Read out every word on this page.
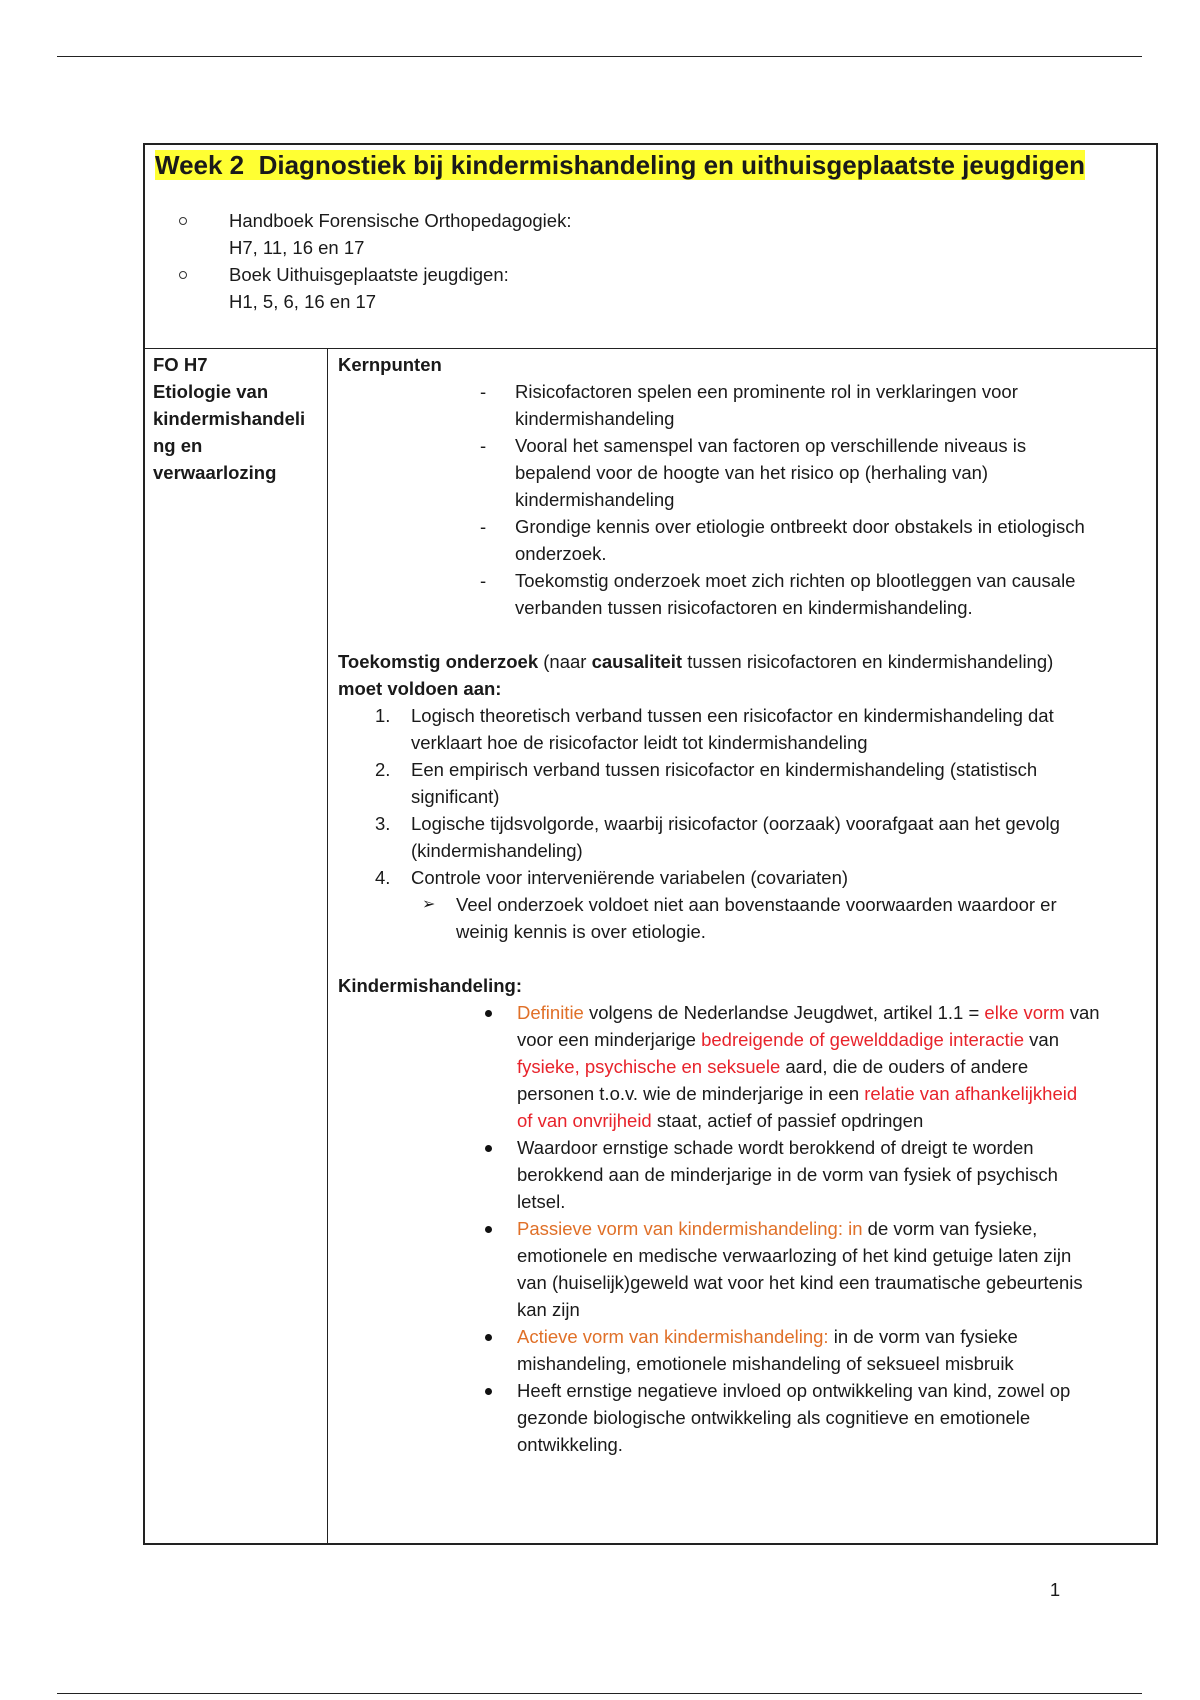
Week 2 Diagnostiek bij kindermishandeling en uithuisgeplaatste jeugdigen
Handboek Forensische Orthopedagogiek:
H7, 11, 16 en 17
Boek Uithuisgeplaatste jeugdigen:
H1, 5, 6, 16 en 17
FO H7
Etiologie van
kindermishandeli
ng en
verwaarlozing
Kernpunten
- Risicofactoren spelen een prominente rol in verklaringen voor
kindermishandeling
- Vooral het samenspel van factoren op verschillende niveaus is
bepalend voor de hoogte van het risico op (herhaling van)
kindermishandeling
- Grondige kennis over etiologie ontbreekt door obstakels in etiologisch
onderzoek.
- Toekomstig onderzoek moet zich richten op blootleggen van causale
verbanden tussen risicofactoren en kindermishandeling.
Toekomstig onderzoek (naar causaliteit tussen risicofactoren en kindermishandeling)
moet voldoen aan:
1. Logisch theoretisch verband tussen een risicofactor en kindermishandeling dat
verklaart hoe de risicofactor leidt tot kindermishandeling
2. Een empirisch verband tussen risicofactor en kindermishandeling (statistisch
significant)
3. Logische tijdsvolgorde, waarbij risicofactor (oorzaak) voorafgaat aan het gevolg
(kindermishandeling)
4. Controle voor interveniërende variabelen (covariaten)
➢ Veel onderzoek voldoet niet aan bovenstaande voorwaarden waardoor er
weinig kennis is over etiologie.
Kindermishandeling:
Definitie volgens de Nederlandse Jeugdwet, artikel 1.1 = elke vorm van
voor een minderjarige bedreigende of gewelddadige interactie van
fysieke, psychische en seksuele aard, die de ouders of andere
personen t.o.v. wie de minderjarige in een relatie van afhankelijkheid
of van onvrijheid staat, actief of passief opdringen
Waardoor ernstige schade wordt berokkend of dreigt te worden
berokkend aan de minderjarige in de vorm van fysiek of psychisch
letsel.
Passieve vorm van kindermishandeling: in de vorm van fysieke,
emotionele en medische verwaarlozing of het kind getuige laten zijn
van (huiselijk)geweld wat voor het kind een traumatische gebeurtenis
kan zijn
Actieve vorm van kindermishandeling: in de vorm van fysieke
mishandeling, emotionele mishandeling of seksueel misbruik
Heeft ernstige negatieve invloed op ontwikkeling van kind, zowel op
gezonde biologische ontwikkeling als cognitieve en emotionele
ontwikkeling.
1
